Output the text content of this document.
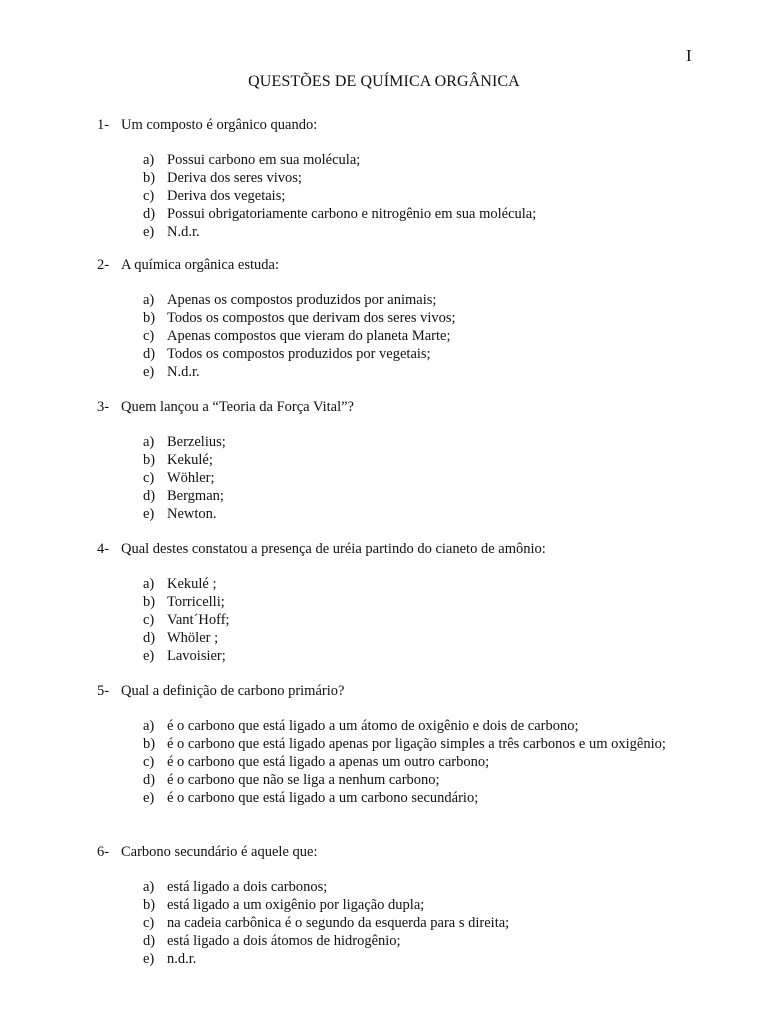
I
QUESTÕES DE QUÍMICA ORGÂNICA
1- Um composto é orgânico quando:
a) Possui carbono em sua molécula;
b) Deriva dos seres vivos;
c) Deriva dos vegetais;
d) Possui obrigatoriamente carbono e nitrogênio em sua molécula;
e) N.d.r.
2- A química orgânica estuda:
a) Apenas os compostos produzidos por animais;
b) Todos os compostos que derivam dos seres vivos;
c) Apenas compostos que vieram do planeta Marte;
d) Todos os compostos produzidos por vegetais;
e) N.d.r.
3- Quem lançou a “Teoria da Força Vital”?
a) Berzelius;
b) Kekulé;
c) Wöhler;
d) Bergman;
e) Newton.
4- Qual destes constatou a presença de uréia partindo do cianeto de amônio:
a) Kekulé ;
b) Torricelli;
c) Vant´Hoff;
d) Whöler ;
e) Lavoisier;
5- Qual a definição de carbono primário?
a) é o carbono que está ligado a um átomo de oxigênio e dois de carbono;
b) é o carbono que está ligado apenas por ligação simples a três carbonos e um oxigênio;
c) é o carbono que está ligado a apenas um outro carbono;
d) é o carbono que não se liga a nenhum carbono;
e) é o carbono que está ligado a um carbono secundário;
6- Carbono secundário é aquele que:
a) está ligado a dois carbonos;
b) está ligado a um oxigênio por ligação dupla;
c) na cadeia carbônica é o segundo da esquerda para s direita;
d) está ligado a dois átomos de hidrogênio;
e) n.d.r.
